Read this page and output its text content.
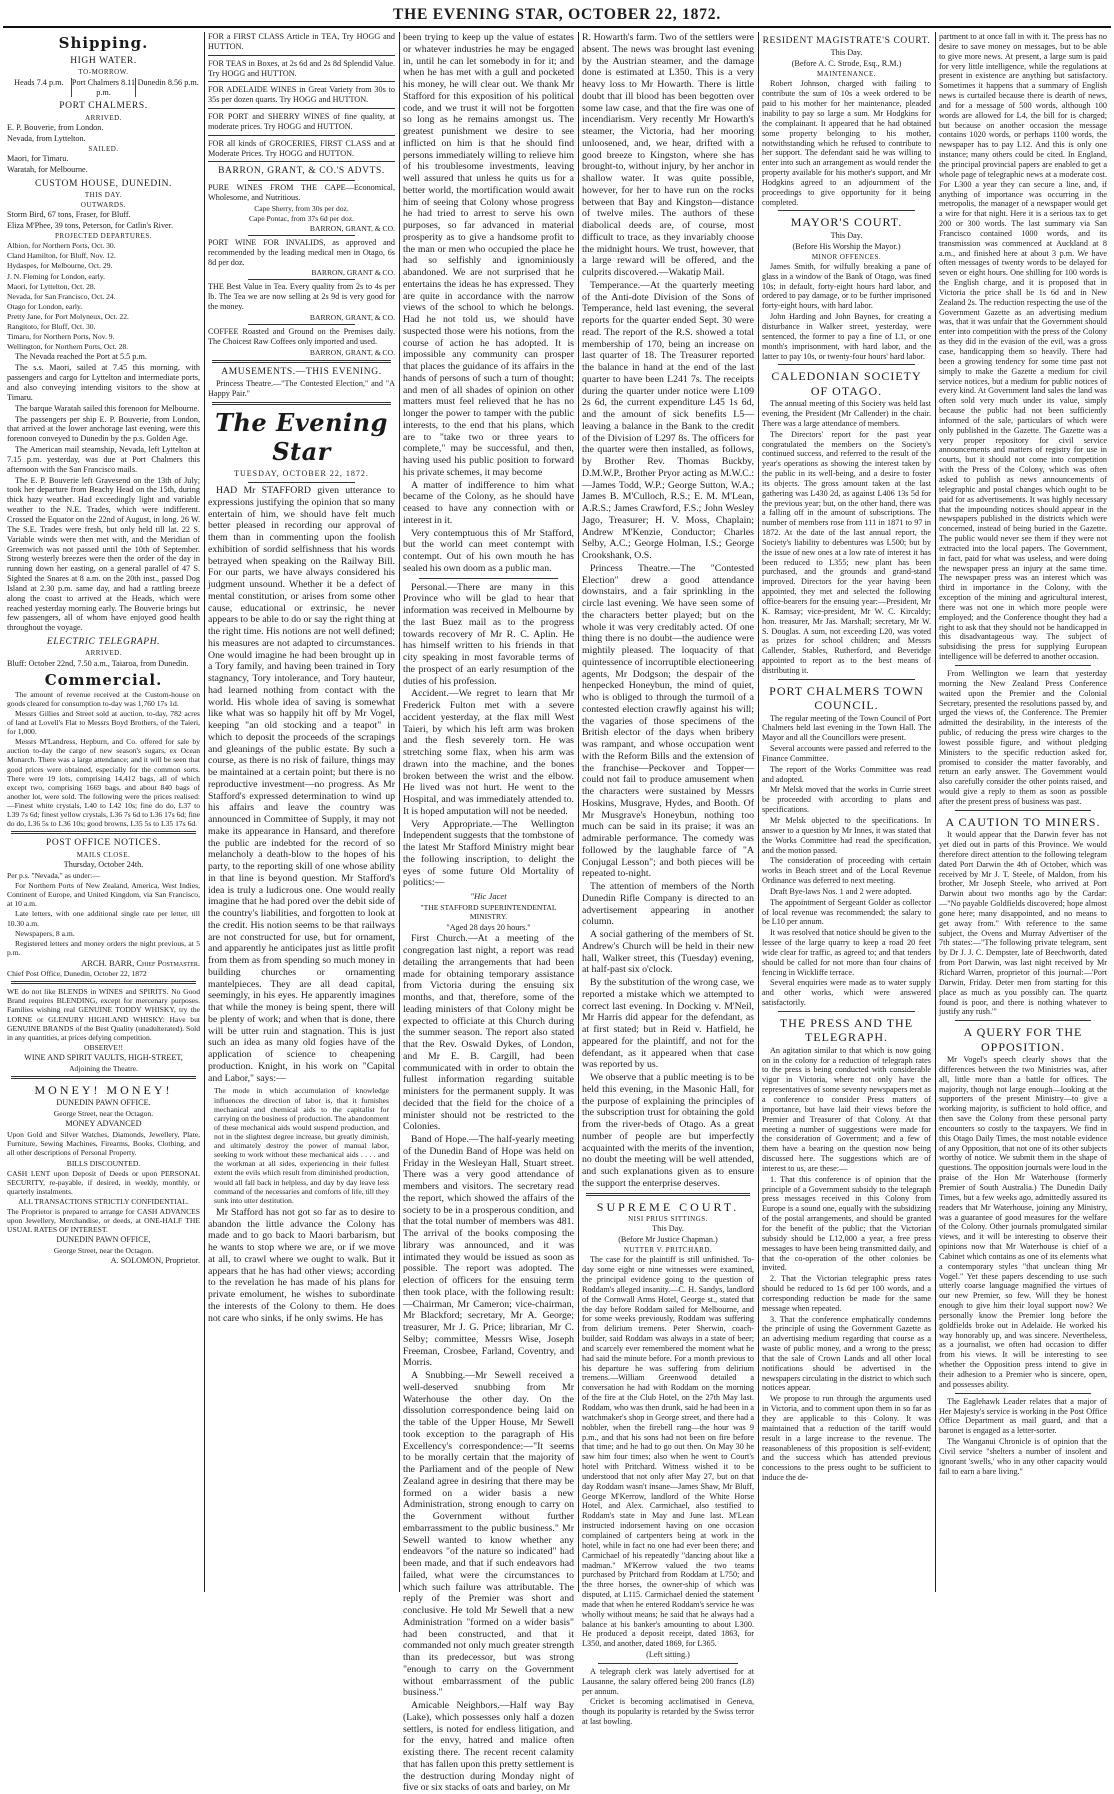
THE EVENING STAR, OCTOBER 22, 1872.
Shipping.
HIGH WATER.
TO-MORROW.
Heads 7.4 p.m.	Port Chalmers 8.11 p.m.
Dunedin 8.56 p.m.
PORT CHALMERS.
ARRIVED.

E. P. Bouverie, from London.

Nevada, from Lyttelton.

SAILED.

Maori, for Timaru.

Waratah, for Melbourne.

CUSTOM HOUSE, DUNEDIN.
THIS DAY.
OUTWARDS.

Storm Bird, 67 tons, Fraser, for Bluff.

Eliza M'Phee, 39 tons, Peterson, for Catlin's River.

PROJECTED DEPARTURES.

Albion, for Northern Ports, Oct. 30.

Cland Hamilton, for Bluff, Nov. 12.

Hydaspes, for Melbourne, Oct. 29.

J. N. Fleming for London, early.

Maori, for Lyttelton, Oct. 28.

Nevada, for San Francisco, Oct. 24.

Otago for London, early.

Pretty Jane, for Port Molyneux, Oct. 22.

Rangitoto, for Bluff, Oct. 30.

Timaru, for Northern Ports, Nov. 9.

Wellington, for Northern Ports, Oct. 28.

The Nevada reached the Port at 5.5 p.m.

The s.s. Maori, sailed at 7.45 this morning, with passengers and cargo for Lyttelton and intermediate ports, and also conveying intending visitors to the show at Timaru.

The barque Waratah sailed this forenoon for Melbourne.

The passengers per ship E. P. Bouverie, from London, that arrived at the lower anchorage last evening, were this forenoon conveyed to Dunedin by the p.s. Golden Age.

The American mail steamship, Nevada, left Lyttelton at 7.15 p.m. yesterday, was due at Port Chalmers this afternoon with the San Francisco mails.

The E. P. Bouverie left Gravesend on the 13th of July; took her departure from Beachy Head on the 15th, during thick hazy weather. Had exceedingly light and variable weather to the N.E. Trades, which were indifferent. Crossed the Equator on the 22nd of August, in long. 26 W. The S.E. Trades were fresh, but only held till lat. 22 S. Variable winds were then met with, and the Meridian of Greenwich was not passed until the 10th of September. Strong westerly breezes were then the order of the day in running down her easting, on a general parallel of 47 S. Sighted the Snares at 8 a.m. on the 20th inst., passed Dog Island at 2.30 p.m. same day, and had a rattling breeze along the coast to arrived at the Heads, which were reached yesterday morning early. The Bouverie brings but few passengers, all of whom have enjoyed good health throughout the voyage.

ELECTRIC TELEGRAPH.
ARRIVED.

Bluff: October 22nd, 7.50 a.m., Taiaroa, from Dunedin.

Commercial.

The amount of revenue received at the Custom-house on goods cleared for consumption to-day was 1,760 17s 1d.

Messrs Gillies and Street sold at auction, to-day, 782 acres of land at Lovell's Flat to Messrs Boyd Brothers, of the Taieri, for 1,000.

Messrs M'Landress, Hepburn, and Co. offered for sale by auction to-day the cargo of new season's sugars, ex Ocean Monarch. There was a large attendance; and it will be seen that good prices were obtained, especially for the common sorts. There were 19 lots, comprising 14,412 bags, all of which except two, comprising 1669 bags, and about 840 bags of another lot, were sold. The following were the prices realised:—Finest white crystals, L40 to L42 10s; fine do do, L37 to L39 7s 6d; finest yellow crystals, L36 7s 6d to L36 17s 6d; fine do do, L36 5s to L36 10s; good browns, L35 5s to L35 17s 6d.

POST OFFICE NOTICES.
MAILS CLOSE.

Thursday, October 24th.

Per p.s. "Nevada," as under:—

For Northern Ports of New Zealand, America, West Indies, Continent of Europe, and United Kingdom, via San Francisco, at 10 a.m.

Late letters, with one additional single rate per letter, till 10.30 a.m.

Newspapers, 8 a.m.

Registered letters and money orders the night previous, at 5 p.m.

ARCH. BARR, Chief Postmaster.

Chief Post Office, Dunedin, October 22, 1872

WE do not like BLENDS in WINES and SPIRITS. No Good Brand requires BLENDING, except for mercenary purposes. Families wishing real GENUINE TODDY WHISKY, try the LORNE or GLENURY HIGHLAND WHISKY: Have but GENUINE BRANDS of the Best Quality (unadulterated). Sold in any quantities, at prices defying competition.

OBSERVE!!

WINE AND SPIRIT VAULTS, HIGH-STREET,

Adjoining the Theatre.

MONEY! MONEY!

DUNEDIN PAWN OFFICE.

George Street, near the Octagon.

MONEY ADVANCED

Upon Gold and Silver Watches, Diamonds, Jewellery, Plate, Furniture, Sewing Machines, Firearms, Books, Clothing, and all other descriptions of Personal Property.

BILLS DISCOUNTED.

CASH LENT upon Deposit of Deeds or upon PERSONAL SECURITY, re-payable, if desired, in weekly, monthly, or quarterly instalments.

ALL TRANSACTIONS STRICTLY CONFIDENTIAL.

The Proprietor is prepared to arrange for CASH ADVANCES upon Jewellery, Merchandise, or deeds, at ONE-HALF THE USUAL RATES OF INTEREST.

DUNEDIN PAWN OFFICE,

George Street, near the Octagon.

A. SOLOMON, Proprietor.

FOR a FIRST CLASS Article in TEA, Try HOGG and HUTTON.

FOR TEAS in Boxes, at 2s 6d and 2s 8d Splendid Value. Try HOGG and HUTTON.

FOR ADELAIDE WINES in Great Variety from 30s to 35s per dozen quarts. Try HOGG and HUTTON.

FOR PORT and SHERRY WINES of fine quality, at moderate prices. Try HOGG and HUTTON.

FOR all kinds of GROCERIES, FIRST CLASS and at Moderate Prices. Try HOGG and HUTTON.

BARRON, GRANT, & CO.'S ADVTS.

PURE WINES FROM THE CAPE—Economical, Wholesome, and Nutritious.

Cape Sherry, from 30s per doz.

Cape Pontac, from 37s 6d per doz.

BARRON, GRANT, & CO.

PORT WINE FOR INVALIDS, as approved and recommended by the leading medical men in Otago, 6s 8d per doz.

BARRON, GRANT & CO.

THE Best Value in Tea. Every quality from 2s to 4s per lb. The Tea we are now selling at 2s 9d is very good for the money.

BARRON, GRANT, & CO.

COFFEE Roasted and Ground on the Premises daily. The Choicest Raw Coffees only imported and used.

BARRON, GRANT, & CO.

AMUSEMENTS.—THIS EVENING.

Princess Theatre.—"The Contested Election," and "A Happy Pair."

The Evening Star
TUESDAY, OCTOBER 22, 1872.

HAD Mr STAFFORD given utterance to expressions justifying the opinion that so many entertain of him, we should have felt much better pleased in recording our approval of them than in commenting upon the foolish exhibition of sordid selfishness that his words betrayed when speaking on the Railway Bill. For our parts, we have always considered his judgment unsound. Whether it be a defect of mental constitution, or arises from some other cause, educational or extrinsic, he never appears to be able to do or say the right thing at the right time. His notions are not well defined; his measures are not adapted to circumstances. One would imagine he had been brought up in a Tory family, and having been trained in Tory stagnancy, Tory intolerance, and Tory hauteur, had learned nothing from contact with the world. His whole idea of saving is somewhat like what was so happily hit off by Mr Vogel, keeping "an old stocking and a teapot" in which to deposit the proceeds of the scrapings and gleanings of the public estate. By such a course, as there is no risk of failure, things may be maintained at a certain point; but there is no reproductive investment—no progress. As Mr Stafford's expressed determination to wind up his affairs and leave the country was announced in Committee of Supply, it may not make its appearance in Hansard, and therefore the public are indebted for the record of so melancholy a death-blow to the hopes of his party, to the reporting skill of one whose ability in that line is beyond question. Mr Stafford's idea is truly a ludicrous one. One would really imagine that he had pored over the debit side of the country's liabilities, and forgotten to look at the credit. His notion seems to be that railways are not constructed for use, but for ornament, and apparently he anticipates just as little profit from them as from spending so much money in building churches or ornamenting mantelpieces. They are all dead capital, seemingly, in his eyes. He apparently imagines that while the money is being spent, there will be plenty of work; and when that is done, there will be utter ruin and stagnation. This is just such an idea as many old fogies have of the application of science to cheapening production. Knight, in his work on "Capital and Labor," says:—

The mode in which accumulation of knowledge influences the direction of labor is, that it furnishes mechanical and chemical aids to the capitalist for carrying on the business of production. The abandonment of these mechanical aids would suspend production, and not in the slightest degree increase, but greatly diminish, and ultimately destroy the power of manual labor, seeking to work without these mechanical aids . . . . and the workman at all sides, experiencing in their fullest extent the evils which result from diminished production, would all fall back in helpless, and day by day leave less command of the necessaries and comforts of life, till they sunk into utter destitution.

Mr Stafford has not got so far as to desire to abandon the little advance the Colony has made and to go back to Maori barbarism, but he wants to stop where we are, or if we move at all, to crawl where we ought to walk. But it appears that he has had other views; according to the revelation he has made of his plans for private emolument, he wishes to subordinate the interests of the Colony to them. He does not care who sinks, if he only swims. He has

been trying to keep up the value of estates or whatever industries he may be engaged in, until he can let somebody in for it; and when he has met with a gull and pocketed his money, he will clear out. We thank Mr Stafford for this exposition of his political code, and we trust it will not be forgotten so long as he remains amongst us. The greatest punishment we desire to see inflicted on him is that he should find persons immediately willing to relieve him of his troublesome investments, leaving well assured that unless he quits us for a better world, the mortification would await him of seeing that Colony whose progress he had tried to arrest to serve his own purposes, so far advanced in material prosperity as to give a handsome profit to the man or men who occupied the place he had so selfishly and ignominiously abandoned. We are not surprised that he entertains the ideas he has expressed. They are quite in accordance with the narrow views of the school to which he belongs. Had he not told us, we should have suspected those were his notions, from the course of action he has adopted. It is impossible any community can prosper that places the guidance of its affairs in the hands of persons of such a turn of thought; and men of all shades of opinion on other matters must feel relieved that he has no longer the power to tamper with the public interests, to the end that his plans, which are to "take two or three years to complete," may be successful, and then, having used his public position to forward his private schemes, it may become

A matter of indifference to him what became of the Colony, as he should have ceased to have any connection with or interest in it.

Very contemptuous this of Mr Stafford, but the world can meet contempt with contempt. Out of his own mouth he has sealed his own doom as a public man.

Personal.—There are many in this Province who will be glad to hear that information was received in Melbourne by the last Buez mail as to the progress towards recovery of Mr R. C. Aplin. He has himself written to his friends in that city speaking in most favorable terms of the prospect of an early resumption of the duties of his profession.

Accident.—We regret to learn that Mr Frederick Fulton met with a severe accident yesterday, at the flax mill West Taieri, by which his left arm was broken and the flesh severely torn. He was stretching some flax, when his arm was drawn into the machine, and the bones broken between the wrist and the elbow. He lived was not hurt. He went to the Hospital, and was immediately attended to. It is hoped amputation will not be needed.

Very Appropriate.—The Wellington Independent suggests that the tombstone of the latest Mr Stafford Ministry might bear the following inscription, to delight the eyes of some future Old Mortality of politics:—

"Hic Jacet

"THE STAFFORD SUPERINTENDENTAL MINISTRY.

"Aged 28 days 20 hours."

First Church.—At a meeting of the congregation last night, a report was read detailing the arrangements that had been made for obtaining temporary assistance from Victoria during the ensuing six months, and that, therefore, some of the leading ministers of that Colony might be expected to officiate at this Church during the summer season. The report also stated that the Rev. Oswald Dykes, of London, and Mr E. B. Cargill, had been communicated with in order to obtain the fullest information regarding suitable ministers for the permanent supply. It was decided that the field for the choice of a minister should not be restricted to the Colonies.

Band of Hope.—The half-yearly meeting of the Dunedin Band of Hope was held on Friday in the Wesleyan Hall, Stuart street. There was a very good attendance of members and visitors. The secretary read the report, which showed the affairs of the society to be in a prosperous condition, and that the total number of members was 481. The arrival of the books composing the library was announced, and it was intimated they would be issued as soon as possible. The report was adopted. The election of officers for the ensuing term then took place, with the following result:—Chairman, Mr Cameron; vice-chairman, Mr Blackford; secretary, Mr A. George; treasurer, Mr J. G. Price; librarian, Mr C. Selby; committee, Messrs Wise, Joseph Freeman, Crosbee, Farland, Coventry, and Morris.

A Snubbing.—Mr Sewell received a well-deserved snubbing from Mr Waterhouse the other day. On the dissolution correspondence being laid on the table of the Upper House, Mr Sewell took exception to the paragraph of His Excellency's correspondence:—"It seems to be morally certain that the majority of the Parliament and of the people of New Zealand agree in desiring that there may be formed on a wider basis a new Administration, strong enough to carry on the Government without further embarrassment to the public business." Mr Sewell wanted to know whether any endeavors "of the nature so indicated" had been made, and that if such endeavors had failed, what were the circumstances to which such failure was attributable. The reply of the Premier was short and conclusive. He told Mr Sewell that a new Administration "formed on a wider basis" had been constructed, and that it commanded not only much greater strength than its predecessor, but was strong "enough to carry on the Government without embarrassment of the public business."

Amicable Neighbors.—Half way Bay (Lake), which possesses only half a dozen settlers, is noted for endless litigation, and for the envy, hatred and malice often existing there. The recent recent calamity that has fallen upon this pretty settlement is the destruction during Monday night of five or six stacks of oats and barley, on Mr

R. Howarth's farm. Two of the settlers were absent. The news was brought last evening by the Austrian steamer, and the damage done is estimated at L350. This is a very heavy loss to Mr Howarth. There is little doubt that ill blood has been begotten over some law case, and that the fire was one of incendiarism. Very recently Mr Howarth's steamer, the Victoria, had her mooring unloosened, and, we hear, drifted with a good breeze to Kingston, where she has brought-to, without injury, by her anchor in shallow water. It was quite possible, however, for her to have run on the rocks between that Bay and Kingston—distance of twelve miles. The authors of these diabolical deeds are, of course, most difficult to trace, as they invariably choose the midnight hours. We trust, however, that a large reward will be offered, and the culprits discovered.—Wakatip Mail.

Temperance.—At the quarterly meeting of the Anti-dote Division of the Sons of Temperance, held last evening, the several reports for the quarter ended Sept. 30 were read. The report of the R.S. showed a total membership of 170, being an increase on last quarter of 18. The Treasurer reported the balance in hand at the end of the last quarter to have been L241 7s. The receipts during the quarter under notice were L109 2s 6d, the current expenditure L45 1s 6d, and the amount of sick benefits L5—leaving a balance in the Bank to the credit of the Division of L297 8s. The officers for the quarter were then installed, as follows, by Brother Rev. Thomas Buckby, D.M.W.P., Brother Pryor acting as M.W.C.:—James Todd, W.P.; George Sutton, W.A.; James B. M'Culloch, R.S.; E. M. M'Lean, A.R.S.; James Crawford, F.S.; John Wesley Jago, Treasurer; H. V. Moss, Chaplain; Andrew M'Kenzie, Conductor; Charles Selby, A.C.; George Holman, I.S.; George Crookshank, O.S.

Princess Theatre.—The "Contested Election" drew a good attendance downstairs, and a fair sprinkling in the circle last evening. We have seen some of the characters better played; but on the whole it was very creditably acted. Of one thing there is no doubt—the audience were mightily pleased. The loquacity of that quintessence of incorruptible electioneering agents, Mr Dodgson; the despair of the henpecked Honeybun, the mind of quiet, who is obliged to through the turmoil of a contested election crawfly against his will; the vagaries of those specimens of the British elector of the days when bribery was rampant, and whose occupation went with the Reform Bills and the extension of the franchise—Peckover and Topper—could not fail to produce amusement when the characters were sustained by Messrs Hoskins, Musgrave, Hydes, and Booth. Of Mr Musgrave's Honeybun, nothing too much can be said in its praise; it was an admirable performance. The comedy was followed by the laughable farce of "A Conjugal Lesson"; and both pieces will be repeated to-night.

The attention of members of the North Dunedin Rifle Company is directed to an advertisement appearing in another column.

A social gathering of the members of St. Andrew's Church will be held in their new hall, Walker street, this (Tuesday) evening, at half-past six o'clock.

By the substitution of the wrong case, we reported a mistake which we attempted to correct last evening. In Docking v. M'Neil, Mr Harris did appear for the defendant, as at first stated; but in Reid v. Hatfield, he appeared for the plaintiff, and not for the defendant, as it appeared when that case was reported by us.

We observe that a public meeting is to be held this evening, in the Masonic Hall, for the purpose of explaining the principles of the subscription trust for obtaining the gold from the river-beds of Otago. As a great number of people are but imperfectly acquainted with the merits of the invention, no doubt the meeting will be well attended, and such explanations given as to ensure the support the enterprise deserves.

SUPREME COURT.
NISI PRIUS SITTINGS.

This Day.

(Before Mr Justice Chapman.)

NUTTER V. PRITCHARD.

The case for the plaintiff is still unfinished. To-day some eight or nine witnesses were examined, the principal evidence going to the question of Roddam's alleged insanity.—C. H. Sandys, landlord of the Cornwall Arms Hotel, George st., stated that the day before Roddam sailed for Melbourne, and for some weeks previously, Roddam was suffering from delirium tremens. Peter Sherwin, coach-builder, said Roddam was always in a state of beer; and scarcely ever remembered the moment what he had said the minute before. For a month previous to his departure he was suffering from delirium tremens.—William Greenwood detailed a conversation he had with Roddam on the morning of the fire at the Club Hotel, on the 27th May last. Roddam, who was then drunk, said he had been in a watchmaker's shop in George street, and there had a nobbler, when the firebell rang—the hour was 9 p.m., and that his sons had not been on fire before that time; and he had to go out then. On May 30 he saw him four times; also when he went to Court's hotel with Pritchard. Witness wished it to be understood that not only after May 27, but on that day Roddam wasn't insane—James Shaw, Mr Bluff, George M'Kerrow, landlord of the White Horse Hotel, and Alex. Carmichael, also testified to Roddam's state in May and June last. M'Lean instructed indorsement having on one occasion complained of cartpenters being at work in the hotel, while in fact no one had ever been there; and Carmichael of his repeatedly "dancing about like a madman." M'Kerrow valued the two teams purchased by Pritchard from Roddam at L750; and the three horses, the owner-ship of which was disputed, at L115. Carmichael denied the statement made that when he entered Roddam's service he was wholly without means; he said that he always had a balance at his banker's amounting to about L300. He produced a deposit receipt, dated 1863, for L350, and another, dated 1869, for L365.

(Left sitting.)

A telegraph clerk was lately advertised for at Lausanne, the salary offered being 200 francs (L8) per annum.

Cricket is becoming acclimatised in Geneva, though its popularity is retarded by the Swiss terror at last bowling.

RESIDENT MAGISTRATE'S COURT.

This Day.

(Before A. C. Strode, Esq., R.M.)

MAINTENANCE.

Robert Johnson, charged with failing to contribute the sum of 10s a week ordered to be paid to his mother for her maintenance, pleaded inability to pay so large a sum. Mr Hodgkins for the complainant. It appeared that he had obtained some property belonging to his mother, notwithstanding which he refused to contribute to her support. The defendant said he was willing to enter into such an arrangement as would render the property available for his mother's support, and Mr Hodgkins agreed to an adjournment of the proceedings to give opportunity for it being completed.

MAYOR'S COURT.

This Day.

(Before His Worship the Mayor.)

MINOR OFFENCES.

James Smith, for wilfully breaking a pane of glass in a window of the Bank of Otago, was fined 10s; in default, forty-eight hours hard labor, and ordered to pay damage, or to be further imprisoned forty-eight hours, with hard labor.

John Harding and John Baynes, for creating a disturbance in Walker street, yesterday, were sentenced, the former to pay a fine of L1, or one month's imprisonment, with hard labor, and the latter to pay 10s, or twenty-four hours' hard labor.

CALEDONIAN SOCIETY OF OTAGO.

The annual meeting of this Society was held last evening, the President (Mr Callender) in the chair. There was a large attendance of members.

The Directors' report for the past year congratulated the members on the Society's continued success, and referred to the result of the year's operations as showing the interest taken by the public in its well-being, and a desire to foster its objects. The gross amount taken at the last gathering was L430 2d, as against L406 13s 5d for the previous year; but, on the other hand, there was a falling off in the amount of subscriptions. The number of members rose from 111 in 1871 to 97 in 1872. At the date of the last annual report, the Society's liability to debentures was L500; but by the issue of new ones at a low rate of interest it has been reduced to L355; new plant has been purchased, and the grounds and grand-stand improved. Directors for the year having been appointed, they met and selected the following office-bearers for the ensuing year:—President, Mr K. Ramsay; vice-president, Mr W. C. Kircaldy; hon. treasurer, Mr Jas. Marshall; secretary, Mr W. S. Douglas. A sum, not exceeding L20, was voted as prizes for school children; and Messrs Callender, Stables, Rutherford, and Beveridge appointed to report as to the best means of distributing it.

PORT CHALMERS TOWN COUNCIL.

The regular meeting of the Town Council of Port Chalmers held last evening in the Town Hall. The Mayor and all the Councillors were present.

Several accounts were passed and referred to the Finance Committee.

The report of the Works Committee was read and adopted.

Mr Melsk moved that the works in Currie street be proceeded with according to plans and specifications.

Mr Melsk objected to the specifications. In answer to a question by Mr Innes, it was stated that the Works Committee had read the specification, and the motion passed.

The consideration of proceeding with certain works in Beach street and of the Local Revenue Ordinance was deferred to next meeting.

Draft Bye-laws Nos. 1 and 2 were adopted.

The appointment of Sergeant Golder as collector of local revenue was recommended; the salary to be L10 per annum.

It was resolved that notice should be given to the lessee of the large quarry to keep a road 20 feet wide clear for traffic, as agreed to; and that tenders should be called for not more than four chains of fencing in Wickliffe terrace.

Several enquiries were made as to water supply and other works, which were answered satisfactorily.

THE PRESS AND THE TELEGRAPH.

An agitation similar to that which is now going on in the colony for a reduction of telegraph rates to the press is being conducted with considerable vigor in Victoria, where not only have the representatives of some seventy newspapers met as a conference to consider Press matters of importance, but have laid their views before the Premier and Treasurer of that Colony. At that meeting a number of suggestions were made for the consideration of Government; and a few of them have a bearing on the question now being discussed here. The suggestions which are of interest to us, are these:—

1. That this conference is of opinion that the principle of a Government subsidy to the telegraph press messages received in this Colony from Europe is a sound one, equally with the subsidizing of the postal arrangements, and should be granted for the benefit of the public; that the Victorian subsidy should be L12,000 a year, a free press messages to have been being transmitted daily, and that the co-operation of the other colonies be invited.

2. That the Victorian telegraphic press rates should be reduced to 1s 6d per 100 words, and a corresponding reduction be made for the same message when repeated.

3. That the conference emphatically condemns the principle of using the Government Gazette as an advertising medium regarding that course as a waste of public money, and a wrong to the press; that the sale of Crown Lands and all other local notifications should be advertised in the newspapers circulating in the district to which such notices appear.

We propose to run through the arguments used in Victoria, and to comment upon them in so far as they are applicable to this Colony. It was maintained that a reduction of the tariff would result in a large increase to the revenue. The reasonableness of this proposition is self-evident; and the success which has attended previous concessions to the press ought to be sufficient to induce the de-

partment to at once fall in with it. The press has no desire to save money on messages, but to be able to give more news. At present, a large sum is paid for very little intelligence, while the regulations at present in existence are anything but satisfactory. Sometimes it happens that a summary of English news is curtailed because there is dearth of news, and for a message of 500 words, although 100 words are allowed for L4, the bill for is charged; but because on another occasion the message contains 1020 words, or perhaps 1100 words, the newspaper has to pay L12. And this is only one instance; many others could be cited. In England, the principal provincial papers are enabled to get a whole page of telegraphic news at a moderate cost. For L300 a year they can secure a line, and, if anything of importance was occurring in the metropolis, the manager of a newspaper would get a wire for that night. Here it is a serious tax to get 200 or 300 words. The last summary via San Francisco contained 1000 words, and its transmission was commenced at Auckland at 8 a.m., and finished here at about 3 p.m. We have often messages of twenty words to be delayed for seven or eight hours. One shilling for 100 words is the English charge, and it is proposed that in Victoria the price shall be 1s 6d and in New Zealand 2s. The reduction respecting the use of the Government Gazette as an advertising medium was, that it was unfair that the Government should enter into competition with the press of the Colony as they did in the evasion of the evil, was a gross case, handicapping them so heavily. There had been a growing tendency for some time past not simply to make the Gazette a medium for civil service notices, but a medium for public notices of every kind. At Government land sales the land was often sold very much under its value, simply because the public had not been sufficiently informed of the sale, particulars of which were only published in the Gazette. The Gazette was a very proper repository for civil service announcements and matters of registry for use in courts, but it should not come into competition with the Press of the Colony, which was often asked to publish as news announcements of telegraphic and postal changes which ought to be paid for as advertisements. It was highly necessary that the impounding notices should appear in the newspapers published in the districts which were concerned, instead of being buried in the Gazette. The public would never see them if they were not extracted into the local papers. The Government, in fact, paid for what was useless, and were doing the newspaper press an injury at the same time. The newspaper press was an interest which was third in importance in the Colony, with the exception of the mining and agricultural interest, there was not one in which more people were employed; and the Conference thought they had a right to ask that they should not be handicapped in this disadvantageous way. The subject of subsidising the press for supplying European intelligence will be deferred to another occasion.

From Wellington we learn that yesterday morning the New Zealand Press Conference waited upon the Premier and the Colonial Secretary, presented the resolutions passed by, and urged the views of, the Conference. The Premier admitted the desirability, in the interests of the public, of reducing the press wire charges to the lowest possible figure, and without pledging Ministers to the specific reduction asked for, promised to consider the matter favorably, and return an early answer. The Government would also carefully consider the other points raised, and would give a reply to them as soon as possible after the present press of business was past.

A CAUTION TO MINERS.

It would appear that the Darwin fever has not yet died out in parts of this Province. We would therefore direct attention to the following telegram dated Port Darwin the 4th of October, which was received by Mr J. T. Steele, of Maldon, from his brother, Mr Joseph Steele, who arrived at Port Darwin about two months ago by the Cardar:—"No payable Goldfields discovered; hope almost gone here; many disappointed, and no means to get away from." With reference to the same subject, the Ovens and Murray Advertiser of the 7th states:—"The following private telegram, sent by Dr J. J. C. Dempster, late of Beechworth, dated from Port Darwin, was last night received by Mr Richard Warren, proprietor of this journal:—'Port Darwin, Friday. Deter men from starting for this place as much as you possibly can. The quartz found is poor, and there is nothing whatever to justify any rush.'"

A QUERY FOR THE OPPOSITION.

Mr Vogel's speech clearly shows that the differences between the two Ministries was, after all, little more than a battle for offices. The majority, though not large enough—looking at the supporters of the present Ministry—to give a working majority, is sufficient to hold office, and then save the Colony from these personal party encounters so costly to the taxpayers. We find in this Otago Daily Times, the most notable evidence of any Opposition, that not one of its other subjects worthy of notice. We submit them in the shape of questions. The opposition journals were loud in the praise of the Hon Mr Waterhouse (formerly Premier of South Australia.) The Dunedin Daily Times, but a few weeks ago, admittedly assured its readers that Mr Waterhouse, joining any Ministry, was a guarantee of good measures for the welfare of the Colony. Other journals promulgated similar views, and it will be interesting to observe their opinions now that Mr Waterhouse is chief of a Cabinet which contains as one of its elements what a contemporary styles "that unclean thing Mr Vogel." Yet these papers descending to use such utterly coarse language magnified the virtues of our new Premier, so few. Will they be honest enough to give him their loyal support now? We personally know the Premier long before the goldfields broke out in Adelaide. He worked his way honorably up, and was sincere. Nevertheless, as a journalist, we often had occasion to differ from his views. It will be interesting to see whether the Opposition press intend to give in their adhesion to a Premier who is sincere, open, and possesses ability.

The Eaglehawk Leader relates that a major of Her Majesty's service is working in the Post Office Office Department as mail guard, and that a baronet is engaged as a letter-sorter.

The Wanganui Chronicle is of opinion that the Civil service "shelters a number of insolent and ignorant 'swells,' who in any other capacity would fail to earn a bare living."
